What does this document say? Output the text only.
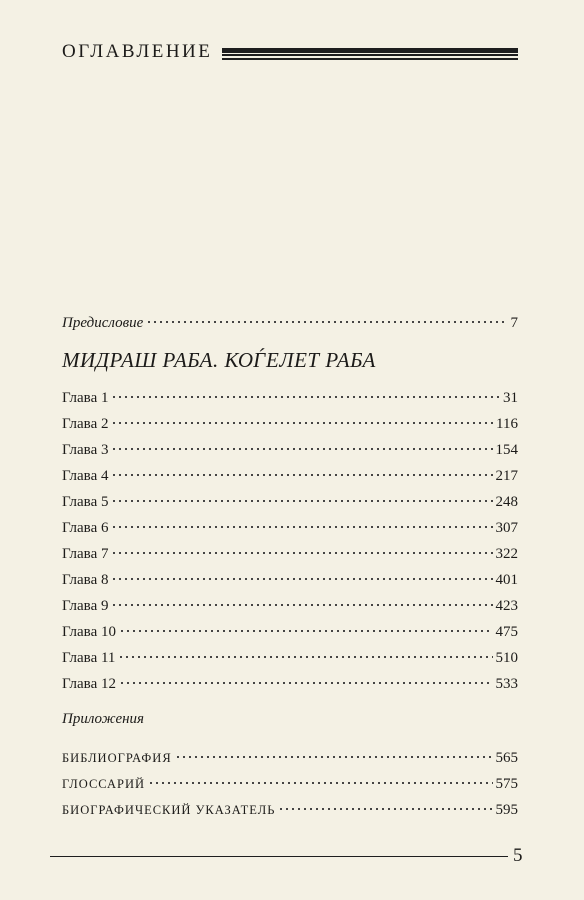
ОГЛАВЛЕНИЕ
Предисловие	7
МИДРАШ РАБА. КОЃЕЛЕТ РАБА
Глава 1	31
Глава 2	116
Глава 3	154
Глава 4	217
Глава 5	248
Глава 6	307
Глава 7	322
Глава 8	401
Глава 9	423
Глава 10	475
Глава 11	510
Глава 12	533
Приложения
БИБЛИОГРАФИЯ	565
ГЛОССАРИЙ	575
БИОГРАФИЧЕСКИЙ УКАЗАТЕЛЬ	595
5
